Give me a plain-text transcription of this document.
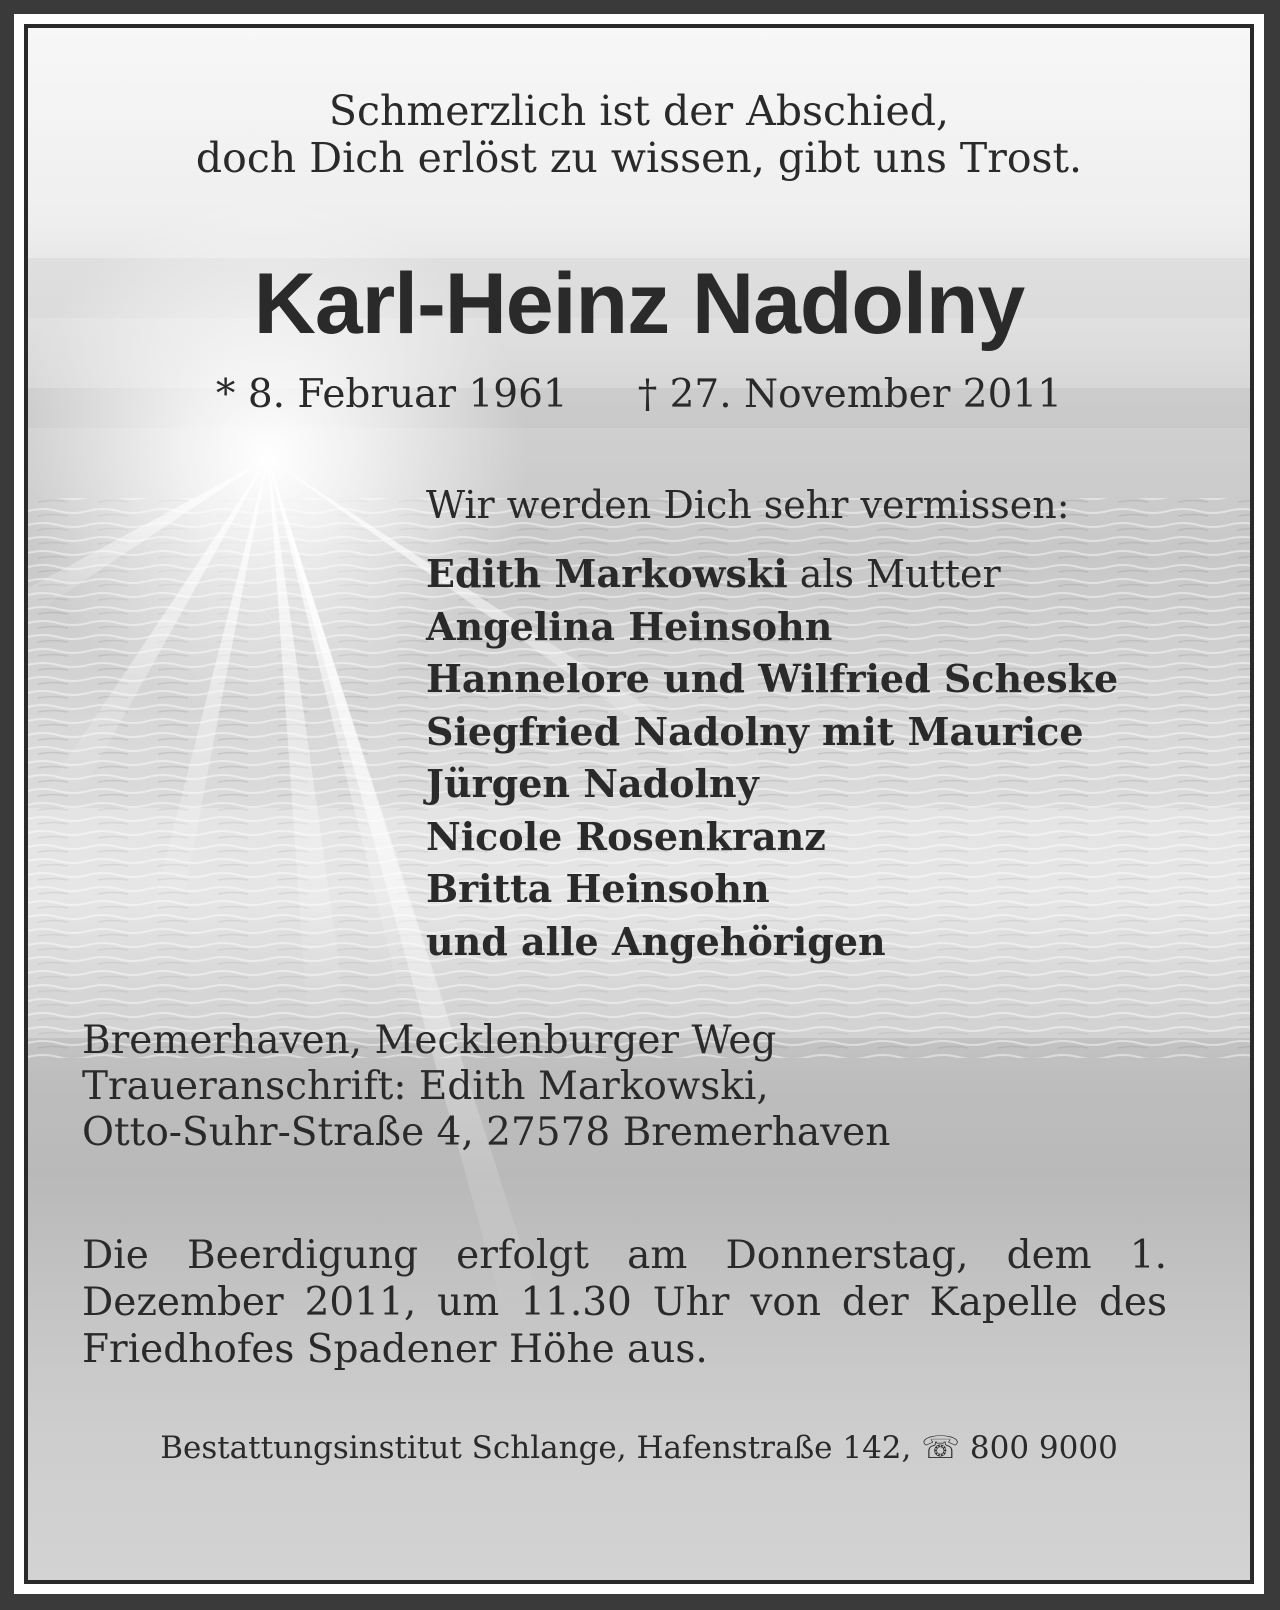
Schmerzlich ist der Abschied,
doch Dich erlöst zu wissen, gibt uns Trost.
Karl-Heinz Nadolny
* 8. Februar 1961 † 27. November 2011
Wir werden Dich sehr vermissen:
Edith Markowski als Mutter
Angelina Heinsohn
Hannelore und Wilfried Scheske
Siegfried Nadolny mit Maurice
Jürgen Nadolny
Nicole Rosenkranz
Britta Heinsohn
und alle Angehörigen
Bremerhaven, Mecklenburger Weg
Traueranschrift: Edith Markowski,
Otto-Suhr-Straße 4, 27578 Bremerhaven
Die Beerdigung erfolgt am Donnerstag, dem 1. Dezember 2011, um 11.30 Uhr von der Kapelle des Friedhofes Spadener Höhe aus.
Bestattungsinstitut Schlange, Hafenstraße 142, ☏ 800 9000
